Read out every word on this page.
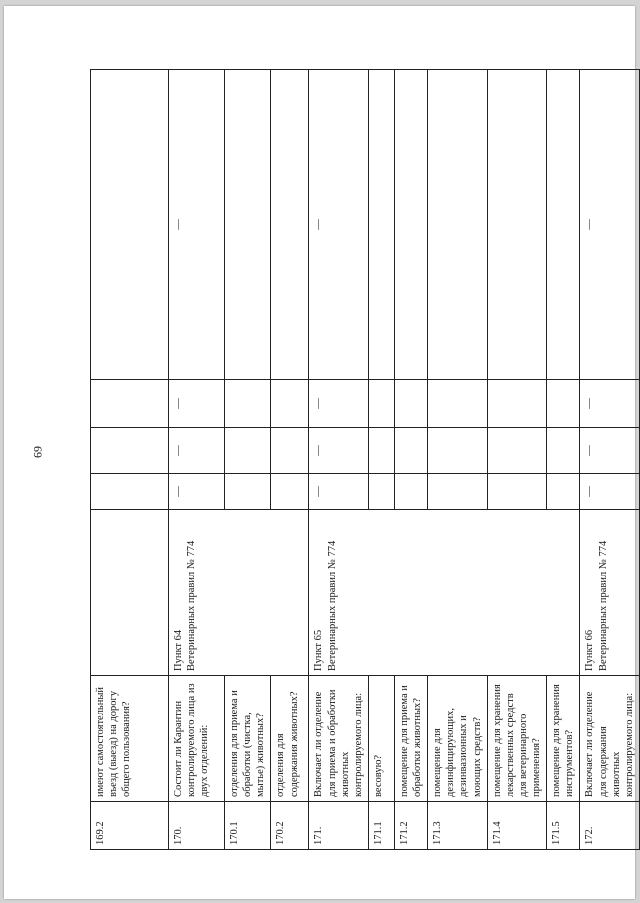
69
169.2	имеют самостоятельный въезд (выезд) на дорогу общего пользования?					
170.	Состоит ли Карантин контролируемого лица из двух отделений:	Пункт 64 Ветеринарных правил № 774	—	—	—	—
170.1	отделения для приема и обработки (чистка, мытье) животных?					
170.2	отделения для содержания животных?					
171.	Включает ли отделение для приема и обработки животных контролируемого лица:	Пункт 65 Ветеринарных правил № 774	—	—	—	—
171.1	весовую?					
171.2	помещение для приема и обработки животных?					
171.3	помещение для дезинфицирующих, дезинвазионных и моющих средств?					
171.4	помещение для хранения лекарственных средств для ветеринарного применения?					
171.5	помещение для хранения инструментов?					
172.	Включает ли отделение для содержания животных контролируемого лица:	Пункт 66 Ветеринарных правил № 774	—	—	—	—
